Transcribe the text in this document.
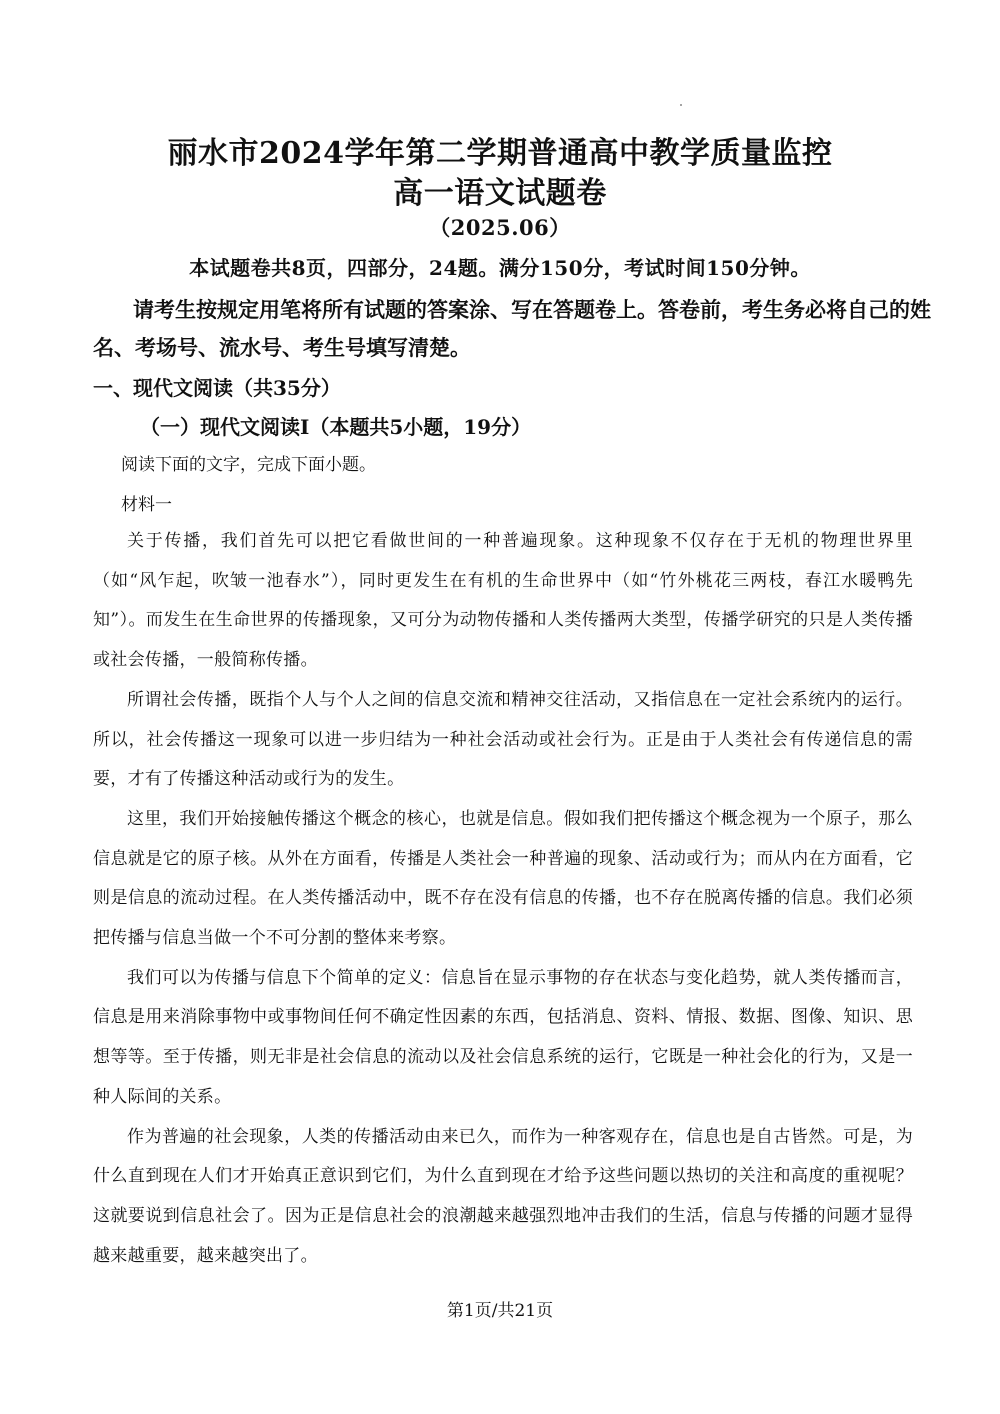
丽水市2024学年第二学期普通高中教学质量监控
高一语文试题卷
（2025.06）
本试题卷共8页，四部分，24题。满分150分，考试时间150分钟。
请考生按规定用笔将所有试题的答案涂、写在答题卷上。答卷前，考生务必将自己的姓
名、考场号、流水号、考生号填写清楚。
一、现代文阅读（共35分）
（一）现代文阅读Ⅰ（本题共5小题，19分）
阅读下面的文字，完成下面小题。
材料一

关于传播，我们首先可以把它看做世间的一种普遍现象。这种现象不仅存在于无机的物理世界里（如“风乍起，吹皱一池春水”），同时更发生在有机的生命世界中（如“竹外桃花三两枝，春江水暖鸭先知”）。而发生在生命世界的传播现象，又可分为动物传播和人类传播两大类型，传播学研究的只是人类传播或社会传播，一般简称传播。

所谓社会传播，既指个人与个人之间的信息交流和精神交往活动，又指信息在一定社会系统内的运行。所以，社会传播这一现象可以进一步归结为一种社会活动或社会行为。正是由于人类社会有传递信息的需要，才有了传播这种活动或行为的发生。

这里，我们开始接触传播这个概念的核心，也就是信息。假如我们把传播这个概念视为一个原子，那么信息就是它的原子核。从外在方面看，传播是人类社会一种普遍的现象、活动或行为；而从内在方面看，它则是信息的流动过程。在人类传播活动中，既不存在没有信息的传播，也不存在脱离传播的信息。我们必须把传播与信息当做一个不可分割的整体来考察。

我们可以为传播与信息下个简单的定义：信息旨在显示事物的存在状态与变化趋势，就人类传播而言，信息是用来消除事物中或事物间任何不确定性因素的东西，包括消息、资料、情报、数据、图像、知识、思想等等。至于传播，则无非是社会信息的流动以及社会信息系统的运行，它既是一种社会化的行为，又是一种人际间的关系。

作为普遍的社会现象，人类的传播活动由来已久，而作为一种客观存在，信息也是自古皆然。可是，为什么直到现在人们才开始真正意识到它们，为什么直到现在才给予这些问题以热切的关注和高度的重视呢？这就要说到信息社会了。因为正是信息社会的浪潮越来越强烈地冲击我们的生活，信息与传播的问题才显得越来越重要，越来越突出了。

第1页/共21页
